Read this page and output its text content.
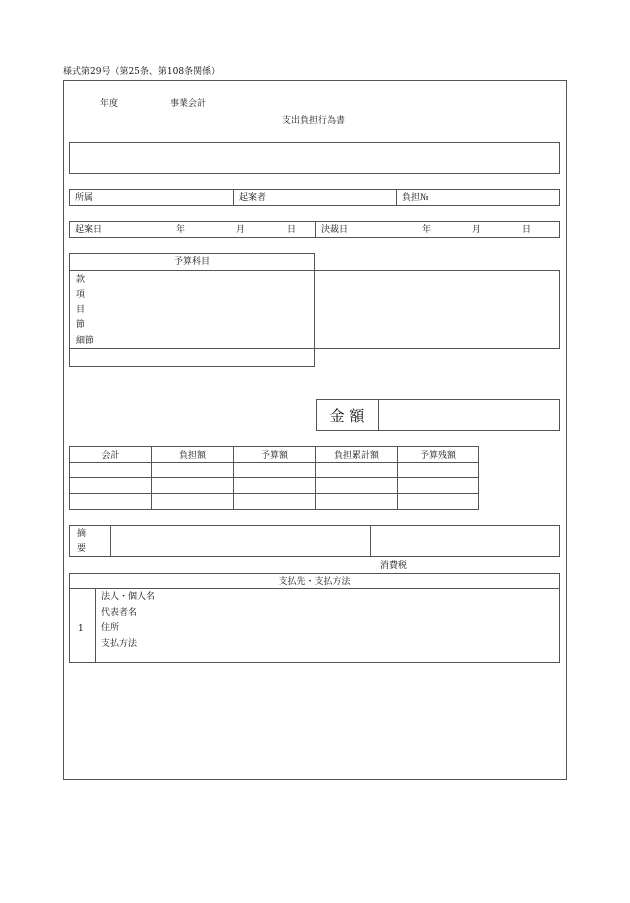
様式第29号（第25条、第108条関係）
年度	事業会計
支出負担行為書
所属	起案者	負担№
起案日	年	月	日	決裁日	年	月	日
予算科目
款
項
目
節
細節
金 額
会計	負担額	予算額	負担累計額	予算残額
摘
要
消費税
支払先・支払方法
1
法人・個人名
代表者名
住所
支払方法
